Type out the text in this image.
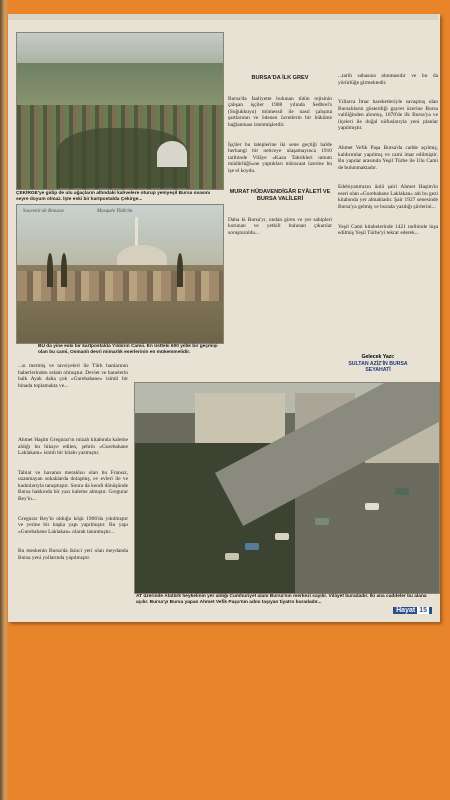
ÇEKİRGE'ye gidip de ulu ağaçların altındaki kahvelere oturup yemyeşil Bursa ovasını seyre doyum olmaz. İşte eski bir kartpostalda Çekirge...
Souvenir de Brousse	Mosquée Yildirim
BU da yine eski bir kartpostalda Yıldırım Camii. En üstteki 600 yıllık bir geçmişi olan bu cami, Osmanlı devri mimarlık eserlerinin en mükemmelidir.

BURSA'DA İLK GREV

Bursa'da faaliyette bulunan tütün rejisinin çalışan işçiler 1908 yılında Sedbrel's (Soğukkuyu) mümessil ile nasıl çalışma şartlarının ve ödenen ücretlerin bir hüküme bağlanması istenmişlerdir.

İşçiler bu taleplerine iki sene geçtiği halde herhangi bir neticeye ulaşamayınca 1910 tarihinde Vilâye «Kaza Tahrikleri umum müdürlüğü»ne yaptıkları müracaat üzerine bu işe el koydu.

MURAT HÜDAVENDİGÂR EYÂLETİ VE BURSA VALİLERİ

Daha ki Bursa'yı, ondan giren ve yer sahipleri korunan ve yetkili bulunan çıkarılar soruşturuldu...

...tarih sahasına alınmasıdır ve bu da yürürlüğe girmektedir.

Yıllarca İmar hareketleriyle savaşmış olan Bursalıların gösterdiği gayret üzerine Bursa valiliğinden alınmış, 1870'de ilk Bursa'ya ve ilçeleri ile doğal nüfuslarıyla yeni planlar yapılmıştır.

Ahmet Vefik Paşa Bursa'da cadde açılmış, kaldırımlar yapılmış ve cami imar edilmiştir. Bu yapılar arasında Yeşil Türbe ile Ulu Cami de bulunmaktadır.

Edebiyatımızın ünlü şairi Ahmet Haşim'in eseri olan «Gurebahane Laklakan» adı bu gezi kitabında yer almaktadır. Şair 1927 senesinde Bursa'ya gelmiş ve burada yazdığı şiirlerini...

Yeşil Cami kitabelerinde 1421 tarihinde inşa edilmiş Yeşil Türbe'yi tekrar ederek...

Gelecek Yazı:
SULTAN AZİZ'İN BURSA SEYAHATİ

...sı mermiş ve tavsiyeleri ile Türk hanlarının haberlerinden selam olmuştur. Devlet ve hanelerin halk Ayak daha çok «Gurebahane» isimli bir binada toplamakta ve...

Ahmet Haşim Gregurar'ın mizah kitabında kaleme aldığı bu hikaye edilen, şehrin «Gurebahane Laklakanı» isimli bir kitabı yazmıştır.

Tabiat ve havanın meraklısı olan bu Fransız, uzanmayan sokaklarda dolaşmış, ev evleri ile ve kadınlarıyla tanışmıştır. Sonra da kendi dönüşünde Bursa hakkında bir yazı kaleme almıştır. Gregurar Bey'in...

Gregurar Bey'in olduğu köşk 1906'da yıkılmıştır ve yerine bir başka yapı yapılmıştır. Bu yapı «Gurebahane Laklakan» olarak tanınmıştır...

Bu meskenin Bursa'da ikinci yeri olan meydanda Bursa yeni yollarında yapılmıştır.

AT üzerinde Atatürk heykelinin yer aldığı Cumhuriyet alanı Bursa'nın merkezi sayılır. Vilâyet buradadır. İki ana caddeler bu alana açılır. Bursa'yı Bursa yapan Ahmet Vefik Paşa'nın adını taşıyan tiyatro buradadır...
Hayat 15
